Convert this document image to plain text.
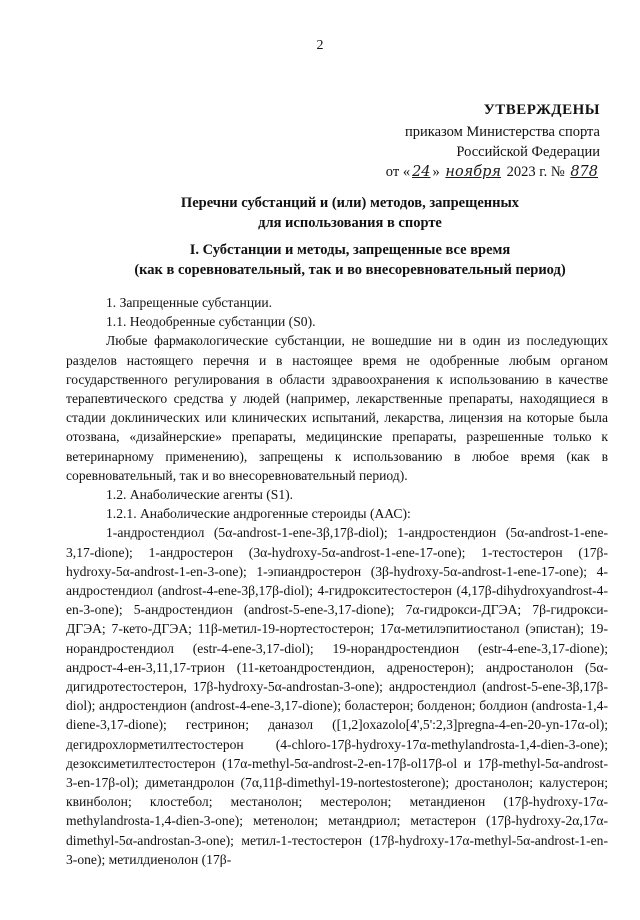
2
УТВЕРЖДЕНЫ
приказом Министерства спорта
Российской Федерации
от « 24 » ноября 2023 г. № 878
Перечни субстанций и (или) методов, запрещенных
для использования в спорте
I. Субстанции и методы, запрещенные все время
(как в соревновательный, так и во внесоревновательный период)

1. Запрещенные субстанции.

1.1. Неодобренные субстанции (S0).

Любые фармакологические субстанции, не вошедшие ни в один из последующих разделов настоящего перечня и в настоящее время не одобренные любым органом государственного регулирования в области здравоохранения к использованию в качестве терапевтического средства у людей (например, лекарственные препараты, находящиеся в стадии доклинических или клинических испытаний, лекарства, лицензия на которые была отозвана, «дизайнерские» препараты, медицинские препараты, разрешенные только к ветеринарному применению), запрещены к использованию в любое время (как в соревновательный, так и во внесоревновательный период).

1.2. Анаболические агенты (S1).

1.2.1. Анаболические андрогенные стероиды (ААС):

1-андростендиол (5α-androst-1-ene-3β,17β-diol); 1-андростендион (5α-androst-1-ene-3,17-dione); 1-андростерон (3α-hydroxy-5α-androst-1-ene-17-one); 1-тестостерон (17β-hydroxy-5α-androst-1-en-3-one); 1-эпиандростерон (3β-hydroxy-5α-androst-1-ene-17-one); 4-андростендиол (androst-4-ene-3β,17β-diol); 4-гидрокситестостерон (4,17β-dihydroxyandrost-4-en-3-one); 5-андростендион (androst-5-ene-3,17-dione); 7α-гидрокси-ДГЭА; 7β-гидрокси-ДГЭА; 7-кето-ДГЭА; 11β-метил-19-нортестостерон; 17α-метилэпитиостанол (эпистан); 19-норандростендиол (estr-4-ene-3,17-diol); 19-норандростендион (estr-4-ene-3,17-dione); андрост-4-ен-3,11,17-трион (11-кетоандростендион, адреностерон); андростанолон (5α-дигидротестостерон, 17β-hydroxy-5α-androstan-3-one); андростендиол (androst-5-ene-3β,17β-diol); андростендион (androst-4-ene-3,17-dione); боластерон; болденон; болдион (androsta-1,4-diene-3,17-dione); гестринон; даназол ([1,2]oxazolo[4',5':2,3]pregna-4-en-20-yn-17α-ol); дегидрохлорметилтестостерон (4-chloro-17β-hydroxy-17α-methylandrosta-1,4-dien-3-one); дезоксиметилтестостерон (17α-methyl-5α-androst-2-en-17β-ol17β-ol и 17β-methyl-5α-androst-3-en-17β-ol); диметандролон (7α,11β-dimethyl-19-nortestosterone); дростанолон; калустерон; квинболон; клостебол; местанолон; местеролон; метандиенон (17β-hydroxy-17α-methylandrosta-1,4-dien-3-one); метенолон; метандриол; метастерон (17β-hydroxy-2α,17α-dimethyl-5α-androstan-3-one); метил-1-тестостерон (17β-hydroxy-17α-methyl-5α-androst-1-en-3-one); метилдиенолон (17β-
